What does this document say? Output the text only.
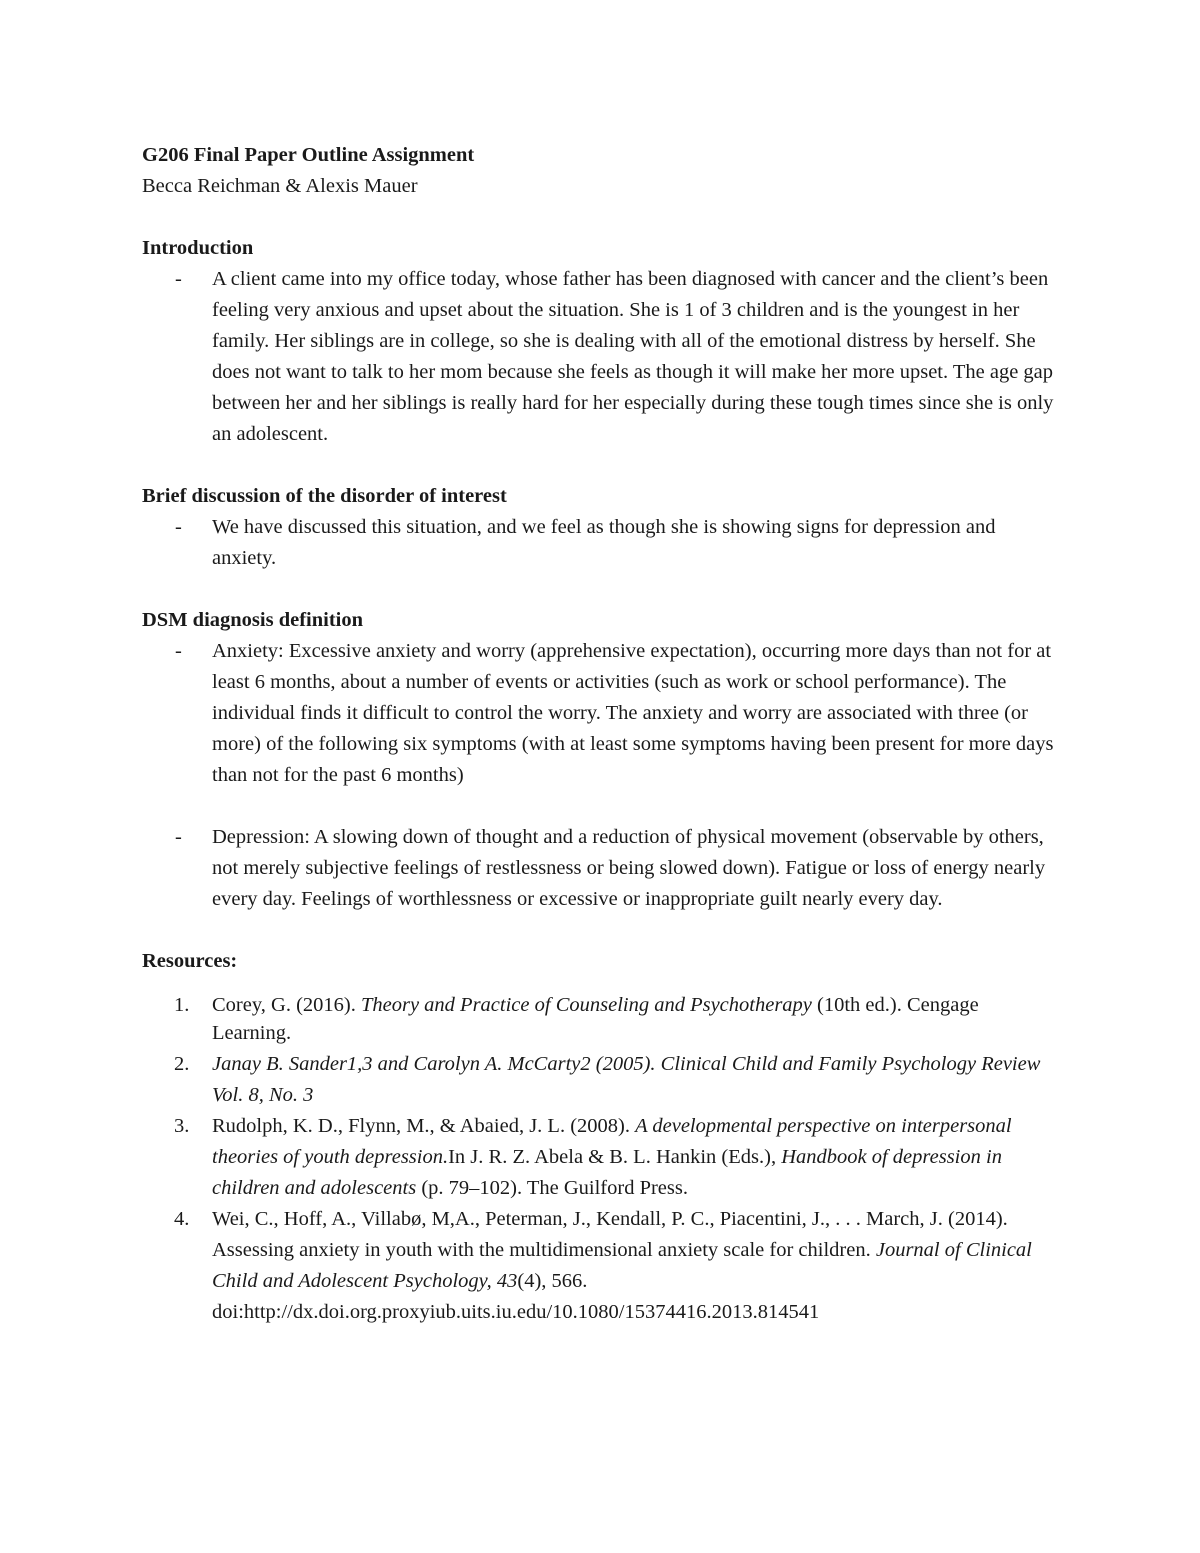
G206 Final Paper Outline Assignment

Becca Reichman & Alexis Mauer

Introduction

- A client came into my office today, whose father has been diagnosed with cancer and the client’s been feeling very anxious and upset about the situation. She is 1 of 3 children and is the youngest in her family. Her siblings are in college, so she is dealing with all of the emotional distress by herself. She does not want to talk to her mom because she feels as though it will make her more upset. The age gap between her and her siblings is really hard for her especially during these tough times since she is only an adolescent.

Brief discussion of the disorder of interest

- We have discussed this situation, and we feel as though she is showing signs for depression and anxiety.

DSM diagnosis definition

- Anxiety: Excessive anxiety and worry (apprehensive expectation), occurring more days than not for at least 6 months, about a number of events or activities (such as work or school performance). The individual finds it difficult to control the worry. The anxiety and worry are associated with three (or more) of the following six symptoms (with at least some symptoms having been present for more days than not for the past 6 months)
- Depression: A slowing down of thought and a reduction of physical movement (observable by others, not merely subjective feelings of restlessness or being slowed down). Fatigue or loss of energy nearly every day. Feelings of worthlessness or excessive or inappropriate guilt nearly every day.

Resources:

1. Corey, G. (2016). Theory and Practice of Counseling and Psychotherapy (10th ed.). Cengage Learning.
2. Janay B. Sander1,3 and Carolyn A. McCarty2 (2005). Clinical Child and Family Psychology Review Vol. 8, No. 3
3. Rudolph, K. D., Flynn, M., & Abaied, J. L. (2008). A developmental perspective on interpersonal theories of youth depression.In J. R. Z. Abela & B. L. Hankin (Eds.), Handbook of depression in children and adolescents (p. 79–102). The Guilford Press.
4. Wei, C., Hoff, A., Villabø, M,A., Peterman, J., Kendall, P. C., Piacentini, J., . . . March, J. (2014). Assessing anxiety in youth with the multidimensional anxiety scale for children. Journal of Clinical Child and Adolescent Psychology, 43(4), 566. doi:http://dx.doi.org.proxyiub.uits.iu.edu/10.1080/15374416.2013.814541
